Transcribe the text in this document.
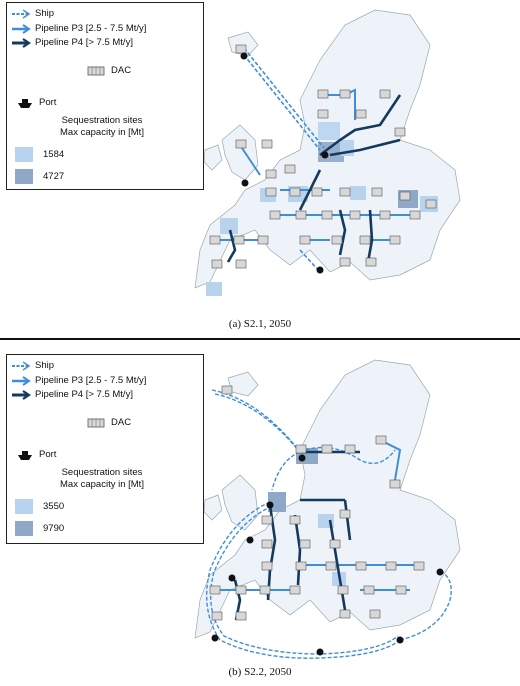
Ship
Pipeline P3 [2.5 - 7.5 Mt/y]
Pipeline P4 [> 7.5 Mt/y]
DAC
Port
Sequestration sites
Max capacity in [Mt]
1584
4727
(a) S2.1, 2050
Ship
Pipeline P3 [2.5 - 7.5 Mt/y]
Pipeline P4 [> 7.5 Mt/y]
DAC
Port
Sequestration sites
Max capacity in [Mt]
3550
9790
(b) S2.2, 2050
